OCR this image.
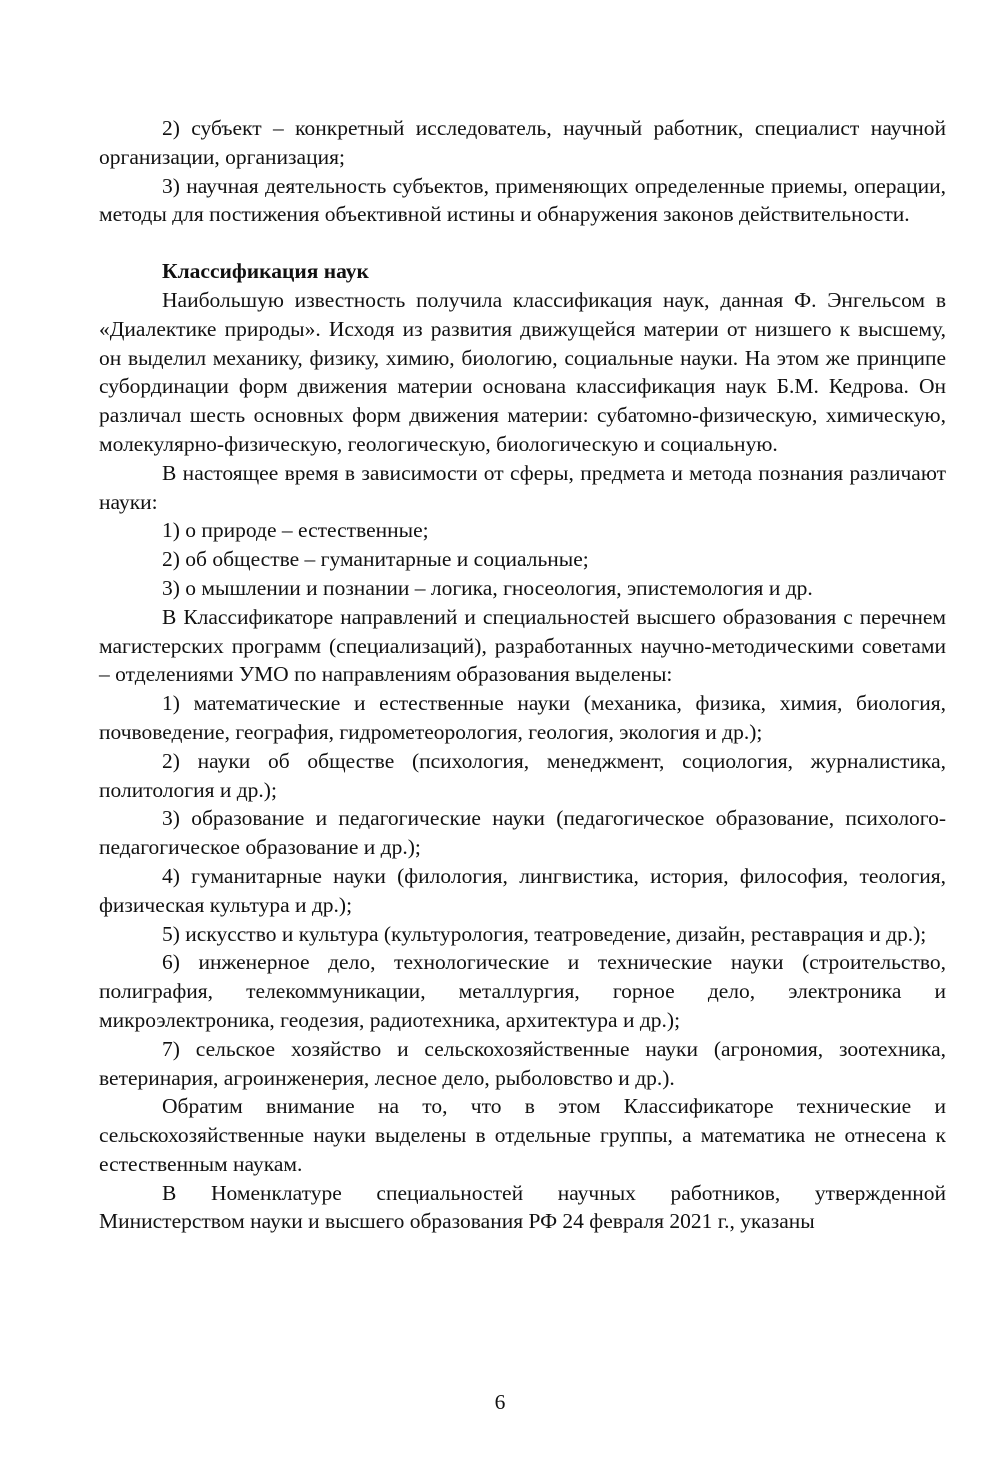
2) субъект – конкретный исследователь, научный работник, специалист научной организации, организация;

3) научная деятельность субъектов, применяющих определенные приемы, операции, методы для постижения объективной истины и обнаружения законов действительности.

Классификация наук

Наибольшую известность получила классификация наук, данная Ф. Энгельсом в «Диалектике природы». Исходя из развития движущейся материи от низшего к высшему, он выделил механику, физику, химию, биологию, социальные науки. На этом же принципе субординации форм движения материи основана классификация наук Б.М. Кедрова. Он различал шесть основных форм движения материи: субатомно-физическую, химическую, молекулярно-физическую, геологическую, биологическую и социальную.

В настоящее время в зависимости от сферы, предмета и метода познания различают науки:

1) о природе – естественные;

2) об обществе – гуманитарные и социальные;

3) о мышлении и познании – логика, гносеология, эпистемология и др.

В Классификаторе направлений и специальностей высшего образования с перечнем магистерских программ (специализаций), разработанных научно-методическими советами – отделениями УМО по направлениям образования выделены:

1) математические и естественные науки (механика, физика, химия, биология, почвоведение, география, гидрометеорология, геология, экология и др.);

2) науки об обществе (психология, менеджмент, социология, журналистика, политология и др.);

3) образование и педагогические науки (педагогическое образование, психолого-педагогическое образование и др.);

4) гуманитарные науки (филология, лингвистика, история, философия, теология, физическая культура и др.);

5) искусство и культура (культурология, театроведение, дизайн, реставрация и др.);

6) инженерное дело, технологические и технические науки (строительство, полиграфия, телекоммуникации, металлургия, горное дело, электроника и микроэлектроника, геодезия, радиотехника, архитектура и др.);

7) сельское хозяйство и сельскохозяйственные науки (агрономия, зоотехника, ветеринария, агроинженерия, лесное дело, рыболовство и др.).

Обратим внимание на то, что в этом Классификаторе технические и сельскохозяйственные науки выделены в отдельные группы, а математика не отнесена к естественным наукам.

В Номенклатуре специальностей научных работников, утвержденной Министерством науки и высшего образования РФ 24 февраля 2021 г., указаны

6
